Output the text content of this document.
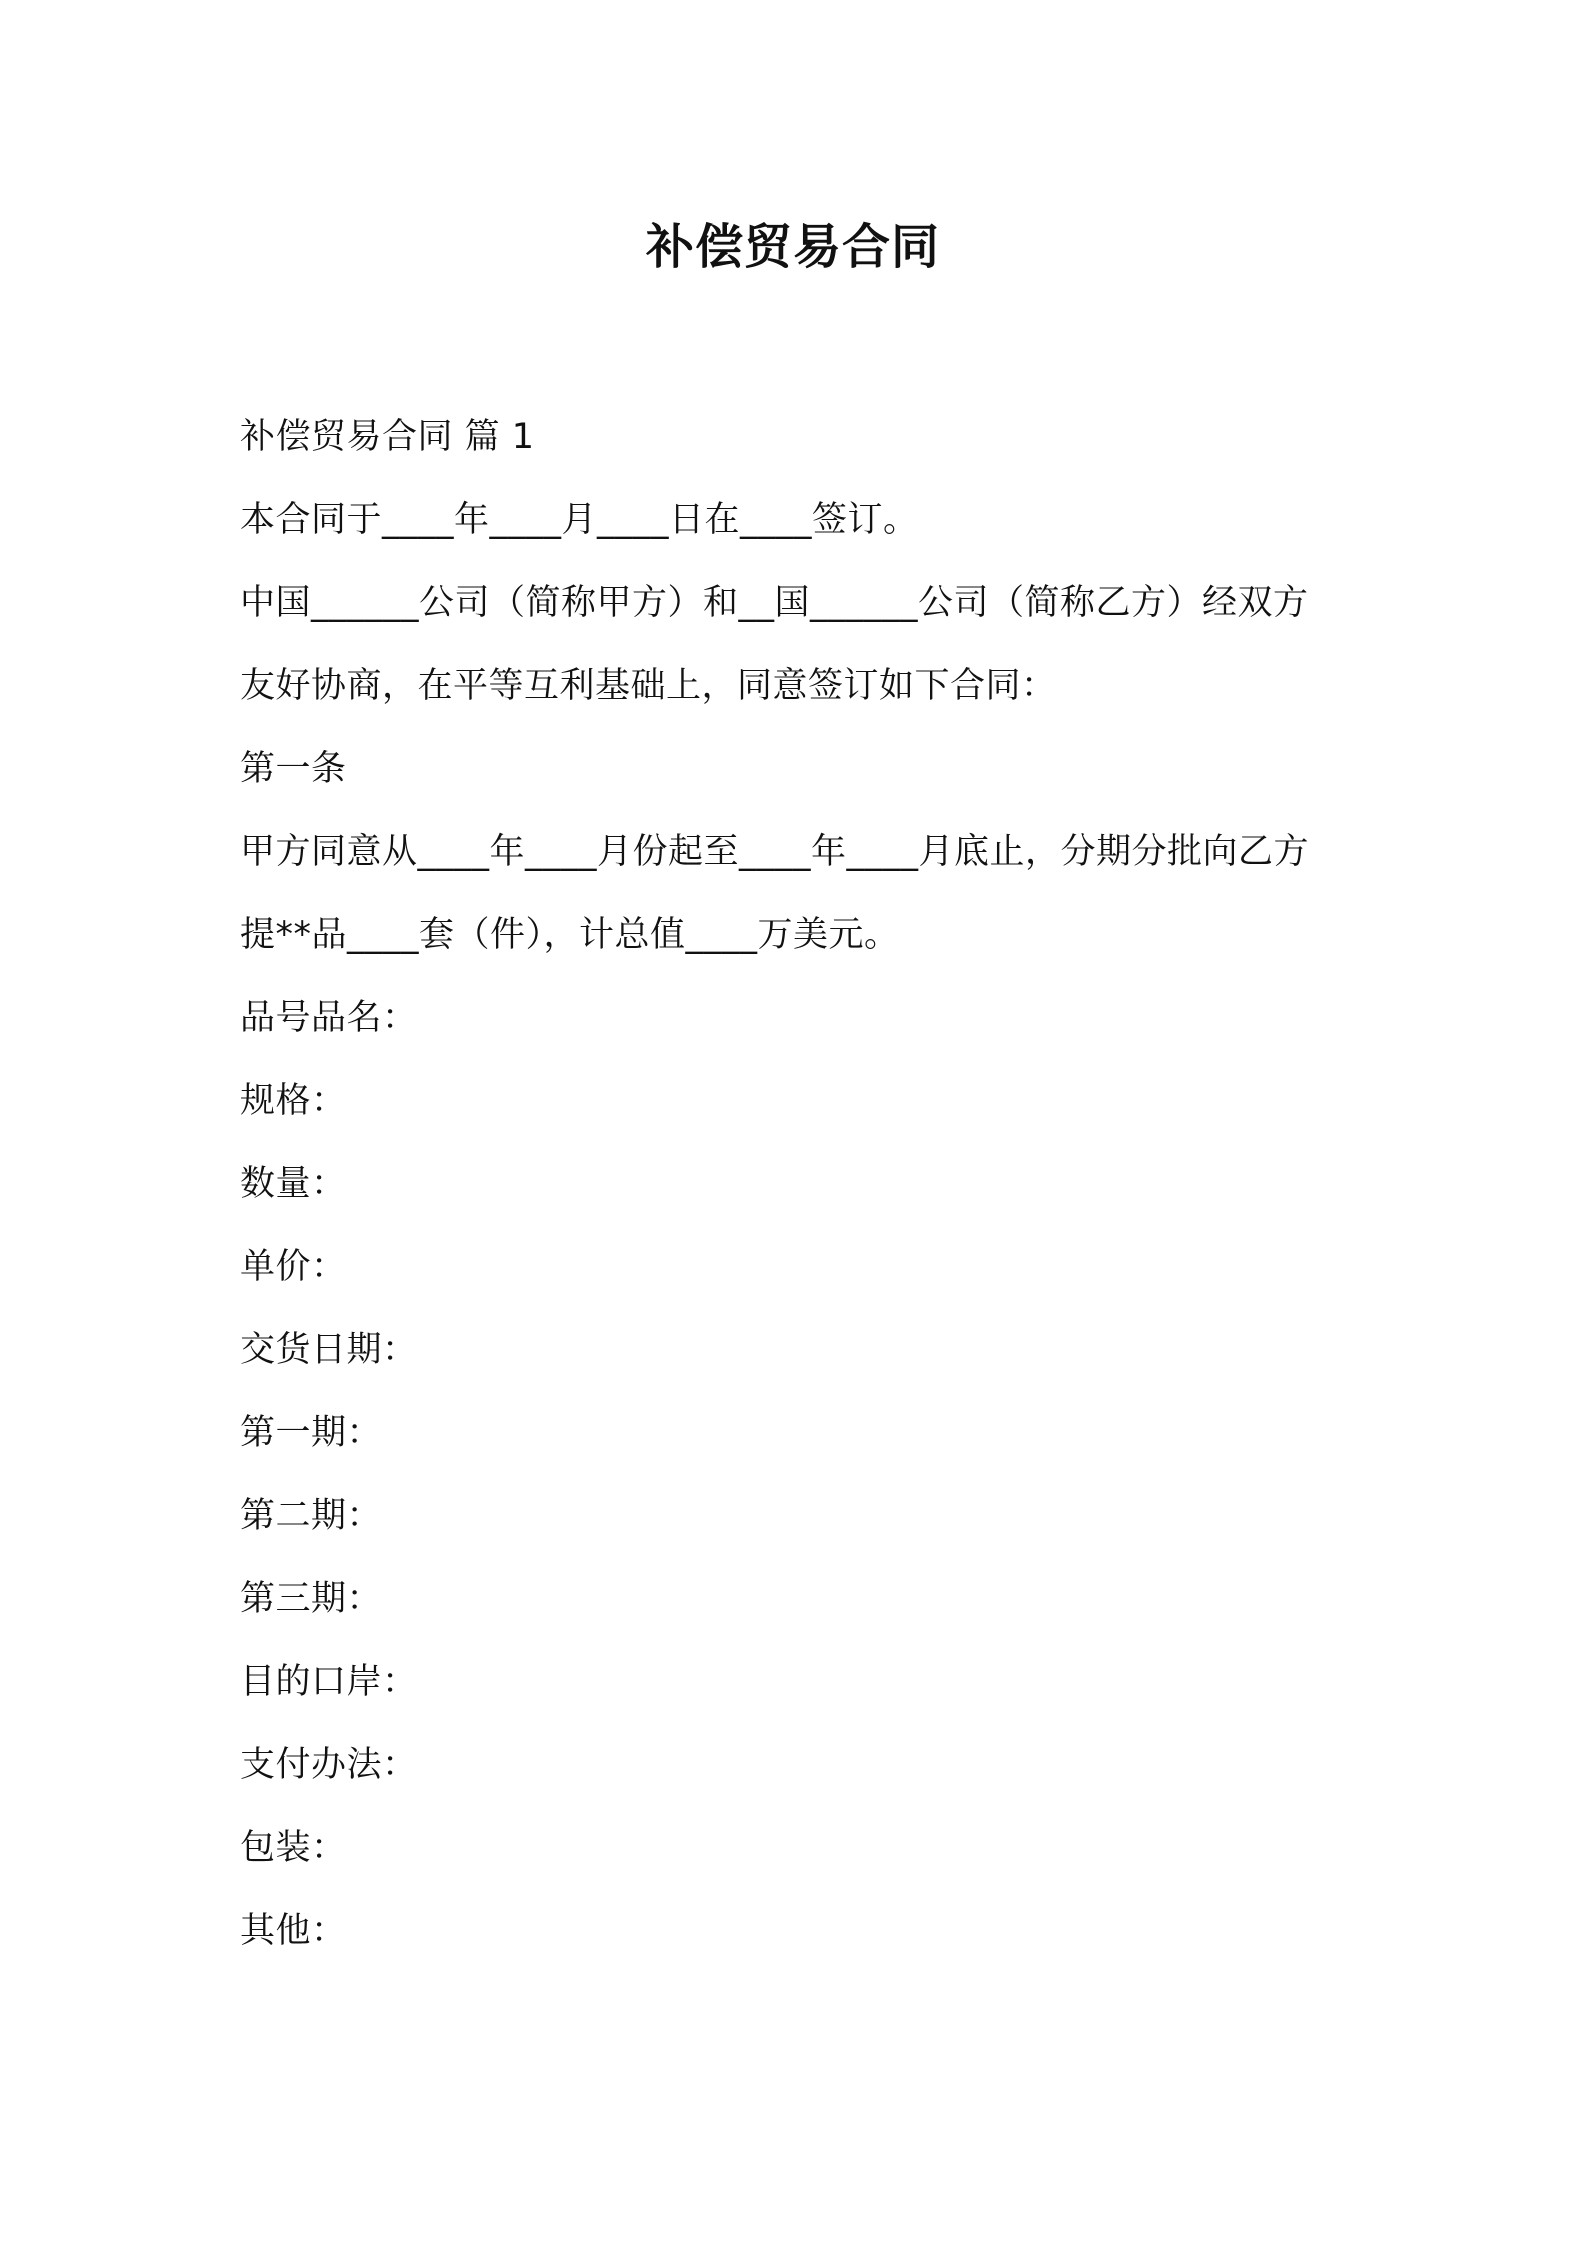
补偿贸易合同
补偿贸易合同 篇 1
本合同于____年____月____日在____签订。
中国______公司（简称甲方）和__国______公司（简称乙方）经双方
友好协商，在平等互利基础上，同意签订如下合同：
第一条
甲方同意从____年____月份起至____年____月底止，分期分批向乙方
提**品____套（件），计总值____万美元。
品号品名：
规格：
数量：
单价：
交货日期：
第一期：
第二期：
第三期：
目的口岸：
支付办法：
包装：
其他：
